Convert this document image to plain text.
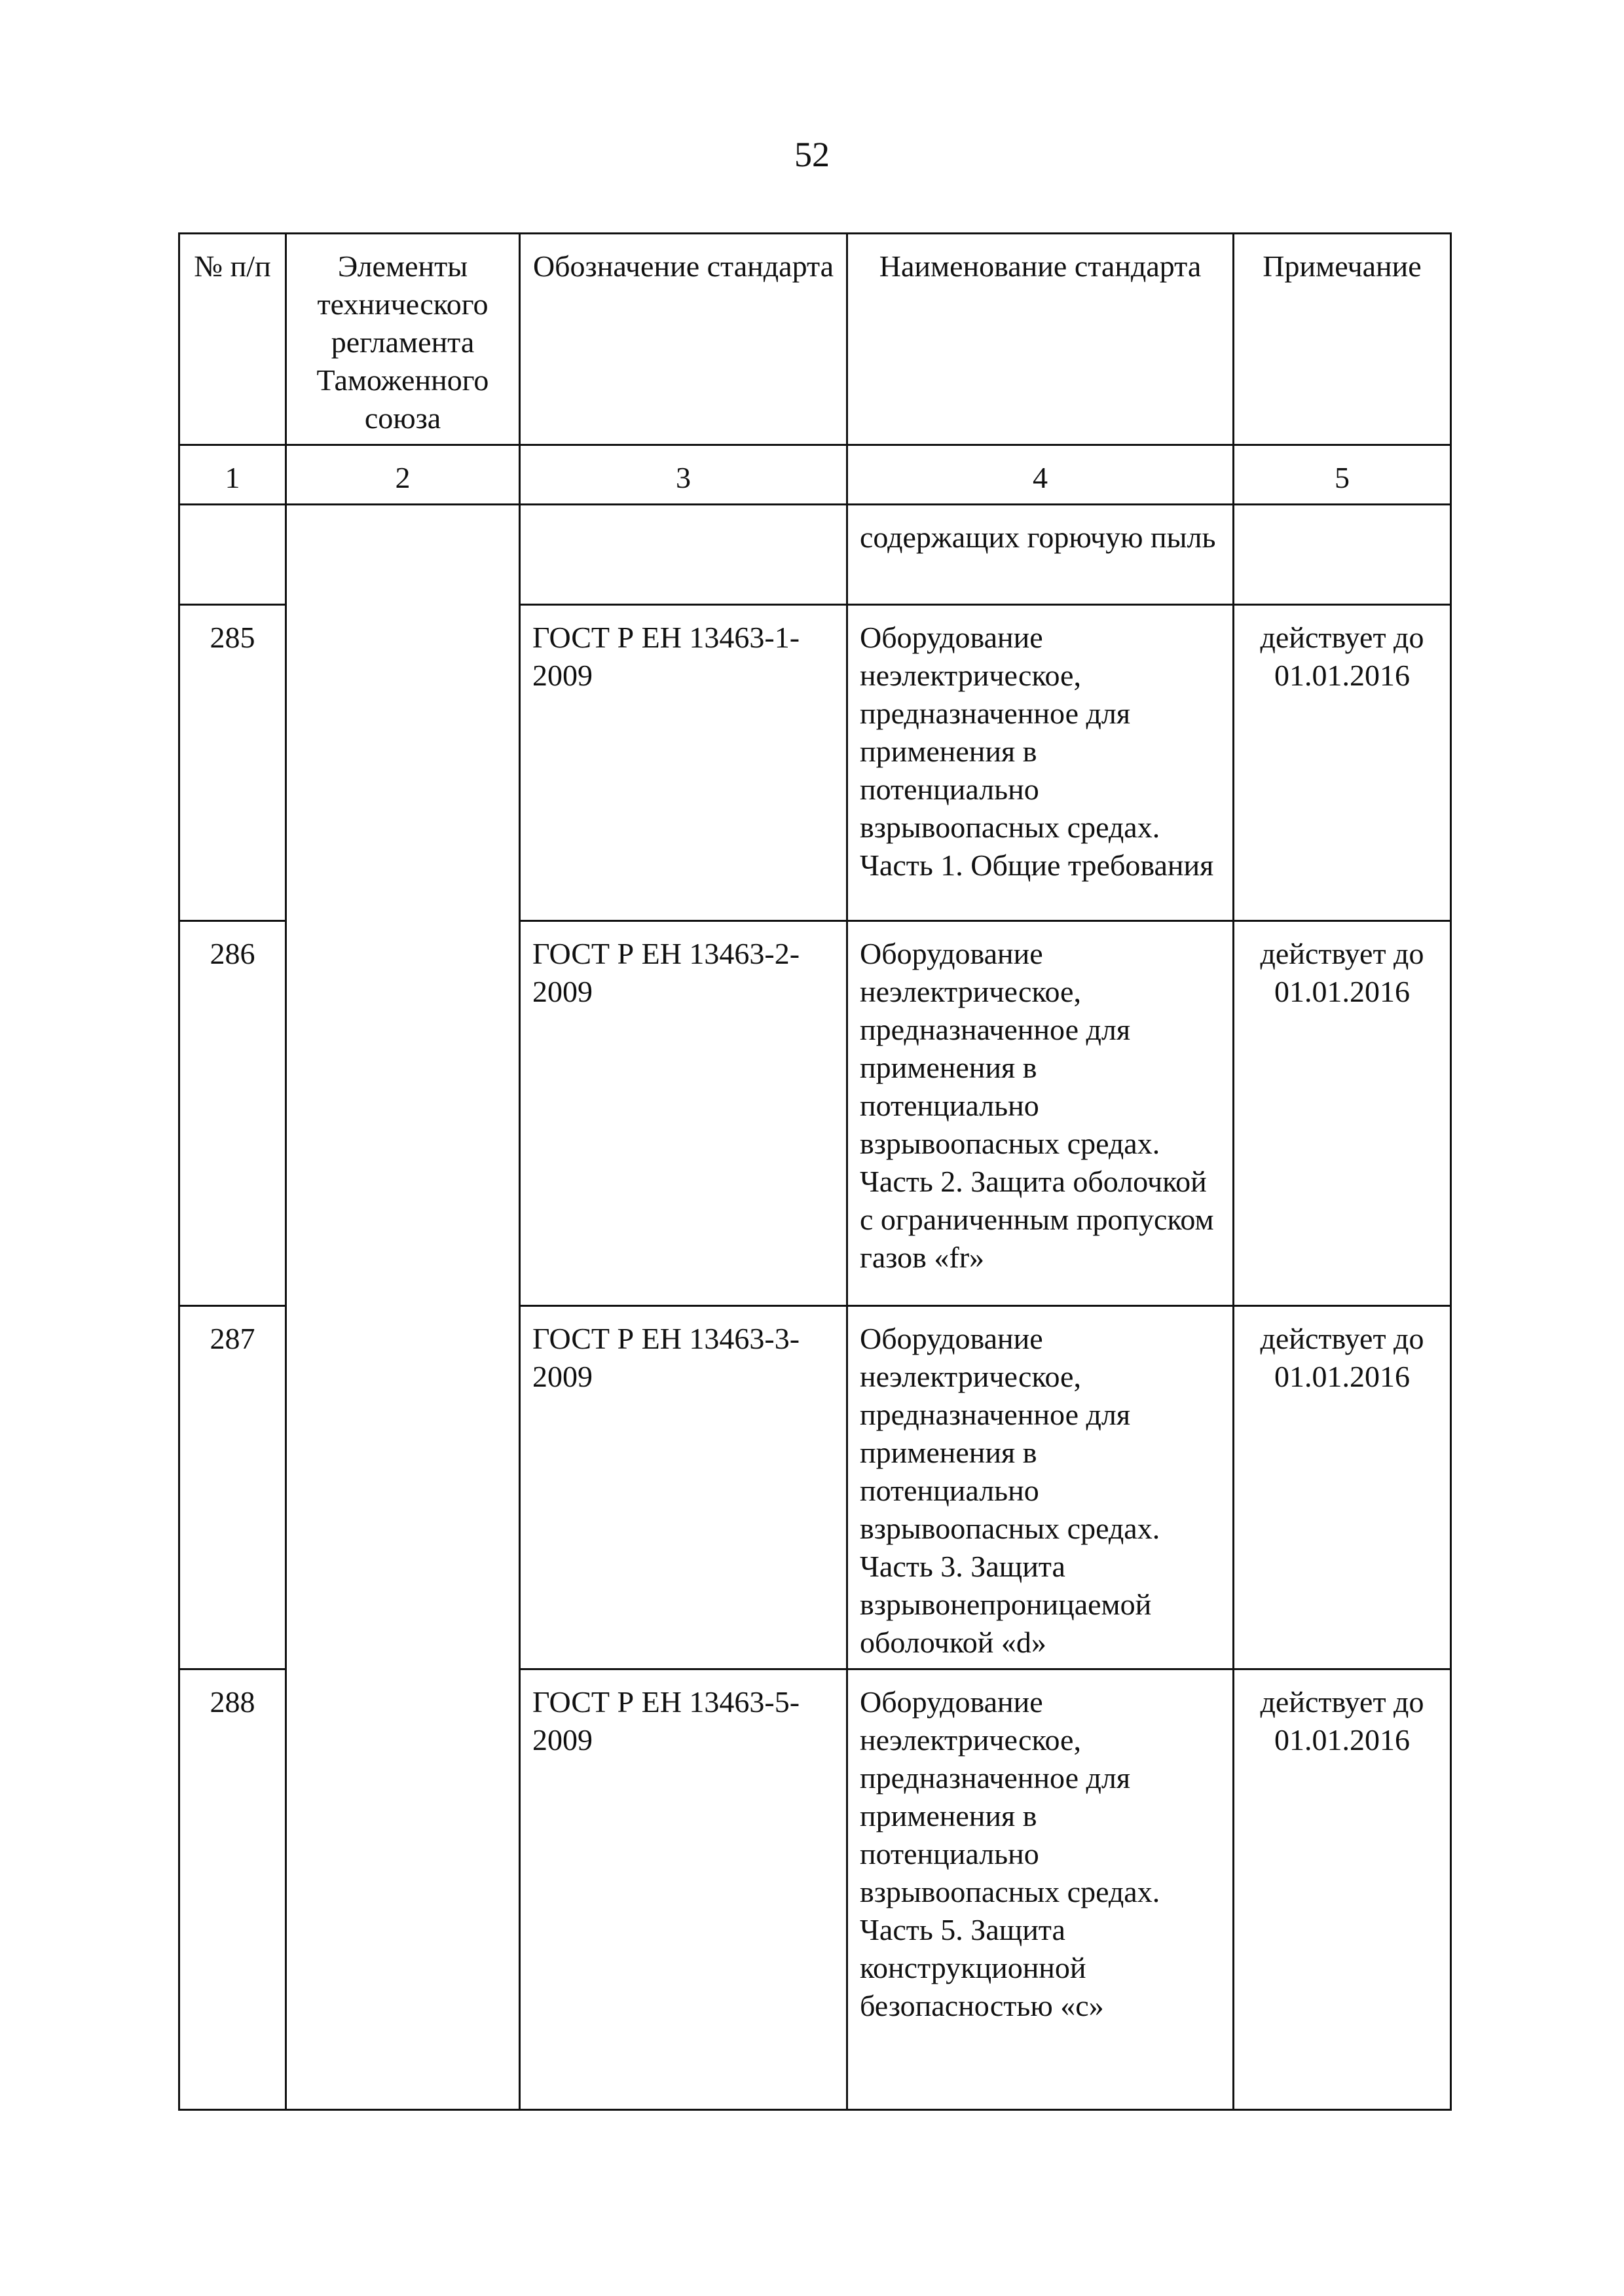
52
№ п/п	Элементы технического регламента Таможенного союза	Обозначение стандарта	Наименование стандарта	Примечание
1	2	3	4	5
			содержащих горючую пыль	
285		ГОСТ Р ЕН 13463-1-2009	Оборудование неэлектрическое, предназначенное для применения в потенциально взрывоопасных средах. Часть 1. Общие требования	действует до 01.01.2016
286		ГОСТ Р ЕН 13463-2-2009	Оборудование неэлектрическое, предназначенное для применения в потенциально взрывоопасных средах. Часть 2. Защита оболочкой с ограниченным пропуском газов «fr»	действует до 01.01.2016
287		ГОСТ Р ЕН 13463-3-2009	Оборудование неэлектрическое, предназначенное для применения в потенциально взрывоопасных средах. Часть 3. Защита взрывонепроницаемой оболочкой «d»	действует до 01.01.2016
288		ГОСТ Р ЕН 13463-5-2009	Оборудование неэлектрическое, предназначенное для применения в потенциально взрывоопасных средах. Часть 5. Защита конструкционной безопасностью «c»	действует до 01.01.2016
